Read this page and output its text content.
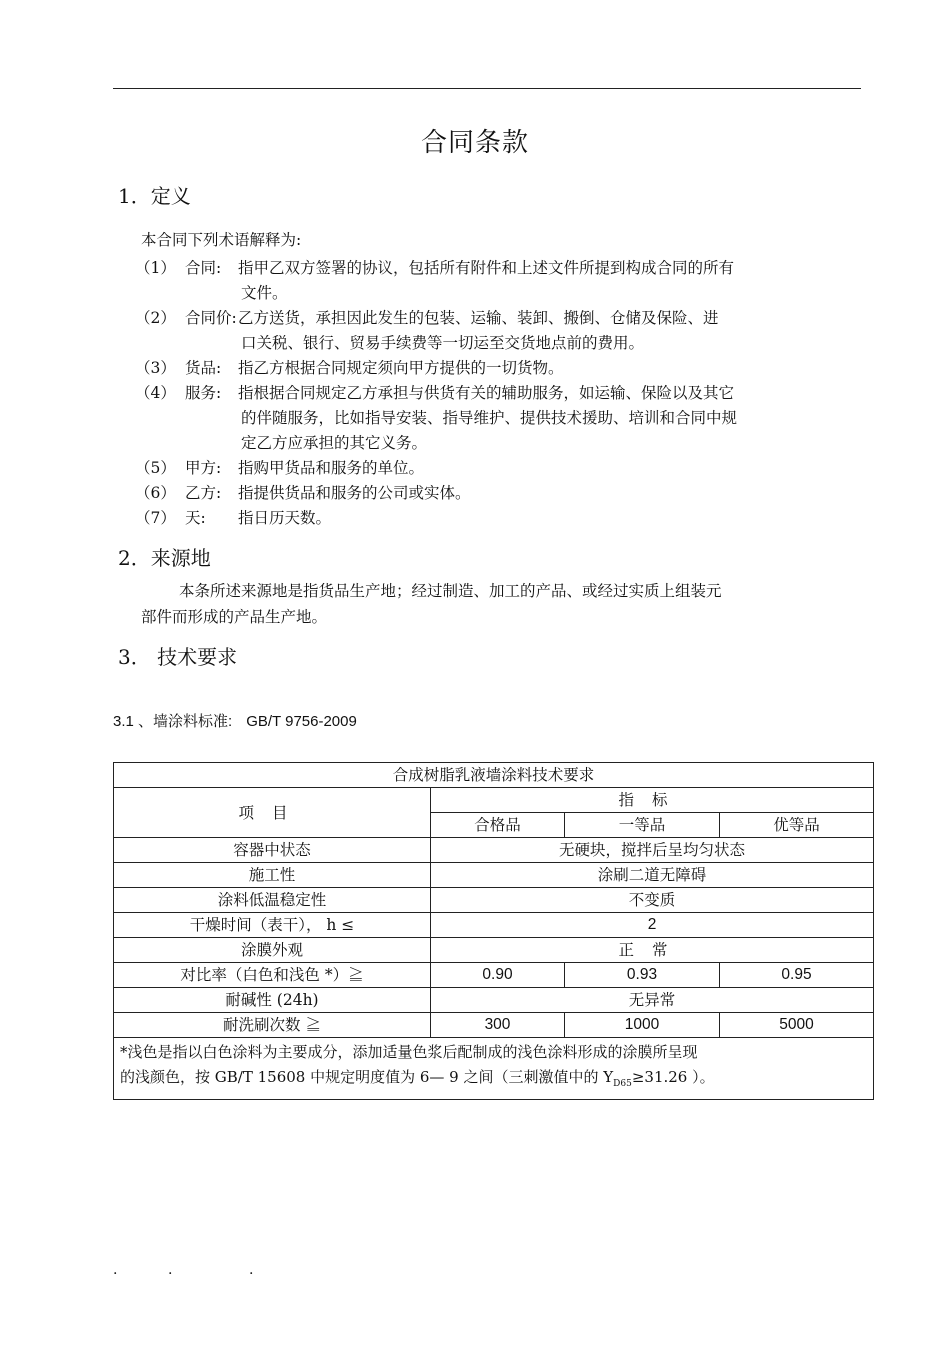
合同条款
1．定义
本合同下列术语解释为:
（1） 合同: 指甲乙双方签署的协议，包括所有附件和上述文件所提到构成合同的所有
文件。
（2） 合同价: 乙方送货，承担因此发生的包装、运输、装卸、搬倒、仓储及保险、进
口关税、银行、贸易手续费等一切运至交货地点前的费用。
（3） 货品: 指乙方根据合同规定须向甲方提供的一切货物。
（4） 服务: 指根据合同规定乙方承担与供货有关的辅助服务，如运输、保险以及其它
的伴随服务，比如指导安装、指导维护、提供技术援助、培训和合同中规
定乙方应承担的其它义务。
（5） 甲方: 指购甲货品和服务的单位。
（6） 乙方: 指提供货品和服务的公司或实体。
（7） 天: 指日历天数。
2．来源地
本条所述来源地是指货品生产地；经过制造、加工的产品、或经过实质上组装元
部件而形成的产品生产地。
3． 技术要求
3.1 、墙涂料标准: GB/T 9756-2009
合成树脂乳液墙涂料技术要求			
项目	指标		
	合格品	一等品	优等品
容器中状态	无硬块，搅拌后呈均匀状态		
施工性	涂刷二道无障碍		
涂料低温稳定性	不变质		
干燥时间（表干）， h ≤	2		
涂膜外观	正常		
对比率（白色和浅色 *）≧	0.90	0.93	0.95
耐碱性 (24h)	无异常		
耐洗刷次数 ≧	300	1000	5000
*浅色是指以白色涂料为主要成分，添加适量色浆后配制成的浅色涂料形成的涂膜所呈现
的浅颜色，按 GB/T 15608 中规定明度值为 6— 9 之间（三刺激值中的 $Y_{D65}\ge 31.26$ ）。			
.	.	.
